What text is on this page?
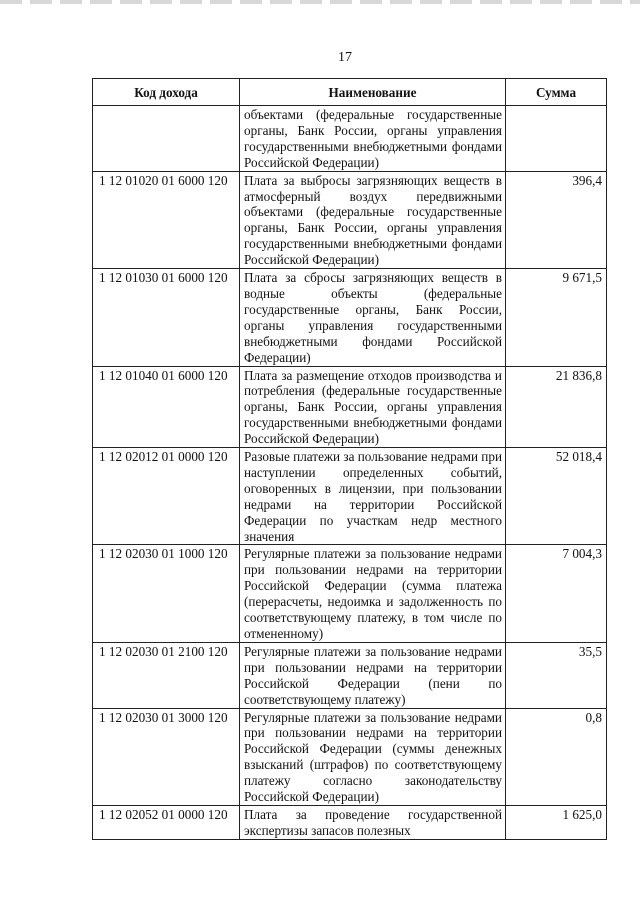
17
Код дохода	Наименование	Сумма
	объектами (федеральные государственные органы, Банк России, органы управления государственными внебюджетными фондами Российской Федерации)	
1 12 01020 01 6000 120	Плата за выбросы загрязняющих веществ в атмосферный воздух передвижными объектами (федеральные государственные органы, Банк России, органы управления государственными внебюджетными фондами Российской Федерации)	396,4
1 12 01030 01 6000 120	Плата за сбросы загрязняющих веществ в водные объекты (федеральные государственные органы, Банк России, органы управления государственными внебюджетными фондами Российской Федерации)	9 671,5
1 12 01040 01 6000 120	Плата за размещение отходов производства и потребления (федеральные государственные органы, Банк России, органы управления государственными внебюджетными фондами Российской Федерации)	21 836,8
1 12 02012 01 0000 120	Разовые платежи за пользование недрами при наступлении определенных событий, оговоренных в лицензии, при пользовании недрами на территории Российской Федерации по участкам недр местного значения	52 018,4
1 12 02030 01 1000 120	Регулярные платежи за пользование недрами при пользовании недрами на территории Российской Федерации (сумма платежа (перерасчеты, недоимка и задолженность по соответствующему платежу, в том числе по отмененному)	7 004,3
1 12 02030 01 2100 120	Регулярные платежи за пользование недрами при пользовании недрами на территории Российской Федерации (пени по соответствующему платежу)	35,5
1 12 02030 01 3000 120	Регулярные платежи за пользование недрами при пользовании недрами на территории Российской Федерации (суммы денежных взысканий (штрафов) по соответствующему платежу согласно законодательству Российской Федерации)	0,8
1 12 02052 01 0000 120	Плата за проведение государственной экспертизы запасов полезных	1 625,0
